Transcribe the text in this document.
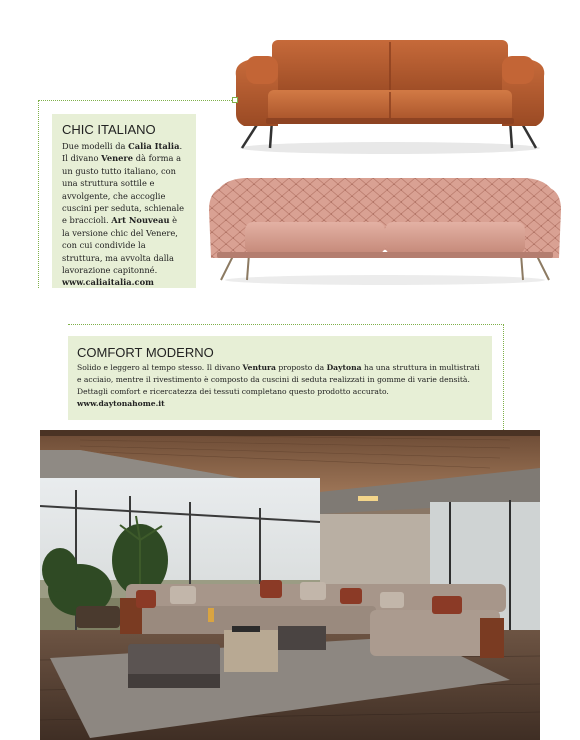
CHIC ITALIANO

Due modelli da Calia Italia.
Il divano Venere dà forma a un gusto tutto italiano, con una struttura sottile e avvolgente, che accoglie cuscini per seduta, schienale e braccioli. Art Nouveau è la versione chic del Venere, con cui condivide la struttura, ma avvolta dalla lavorazione capitonné.
www.caliaitalia.com

COMFORT MODERNO

Solido e leggero al tempo stesso. Il divano Ventura proposto da Daytona ha una struttura in multistrati e acciaio, mentre il rivestimento è composto da cuscini di seduta realizzati in gomme di varie densità. Dettagli comfort e ricercatezza dei tessuti completano questo prodotto accurato.
www.daytonahome.it
